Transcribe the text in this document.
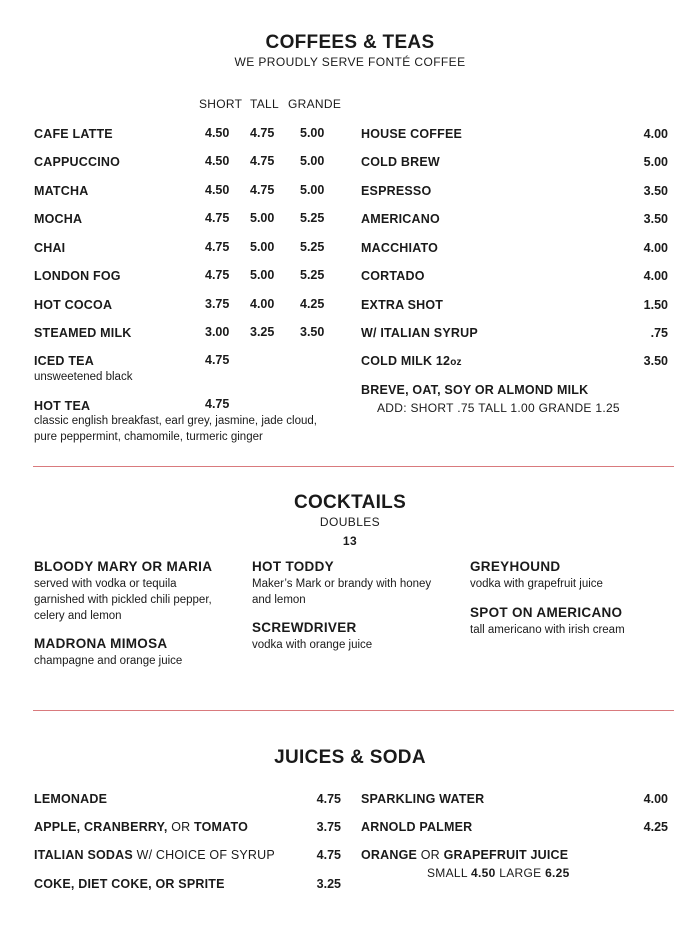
COFFEES & TEAS
WE PROUDLY SERVE FONTÉ COFFEE
SHORT TALL GRANDE
CAFE LATTE	4.50 4.75 5.00
CAPPUCCINO	4.50 4.75 5.00
MATCHA	4.50 4.75 5.00
MOCHA	4.75 5.00 5.25
CHAI	4.75 5.00 5.25
LONDON FOG	4.75 5.00 5.25
HOT COCOA	3.75 4.00 4.25
STEAMED MILK	3.00 3.25 3.50
ICED TEA	4.75
unsweetened black
HOT TEA	4.75
classic english breakfast, earl grey, jasmine, jade cloud,
pure peppermint, chamomile, turmeric ginger
HOUSE COFFEE	4.00
COLD BREW	5.00
ESPRESSO	3.50
AMERICANO	3.50
MACCHIATO	4.00
CORTADO	4.00
EXTRA SHOT	1.50
W/ ITALIAN SYRUP	.75
COLD MILK 12oz	3.50
BREVE, OAT, SOY OR ALMOND MILK
ADD: SHORT .75 TALL 1.00 GRANDE 1.25
COCKTAILS
DOUBLES
13
BLOODY MARY OR MARIA
served with vodka or tequila
garnished with pickled chili pepper,
celery and lemon
MADRONA MIMOSA
champagne and orange juice
HOT TODDY
Maker’s Mark or brandy with honey
and lemon
SCREWDRIVER
vodka with orange juice
GREYHOUND
vodka with grapefruit juice
SPOT ON AMERICANO
tall americano with irish cream
JUICES & SODA
LEMONADE	4.75
APPLE, CRANBERRY, OR TOMATO	3.75
ITALIAN SODAS W/ CHOICE OF SYRUP	4.75
COKE, DIET COKE, OR SPRITE	3.25
SPARKLING WATER	4.00
ARNOLD PALMER	4.25
ORANGE OR GRAPEFRUIT JUICE
SMALL 4.50 LARGE 6.25
